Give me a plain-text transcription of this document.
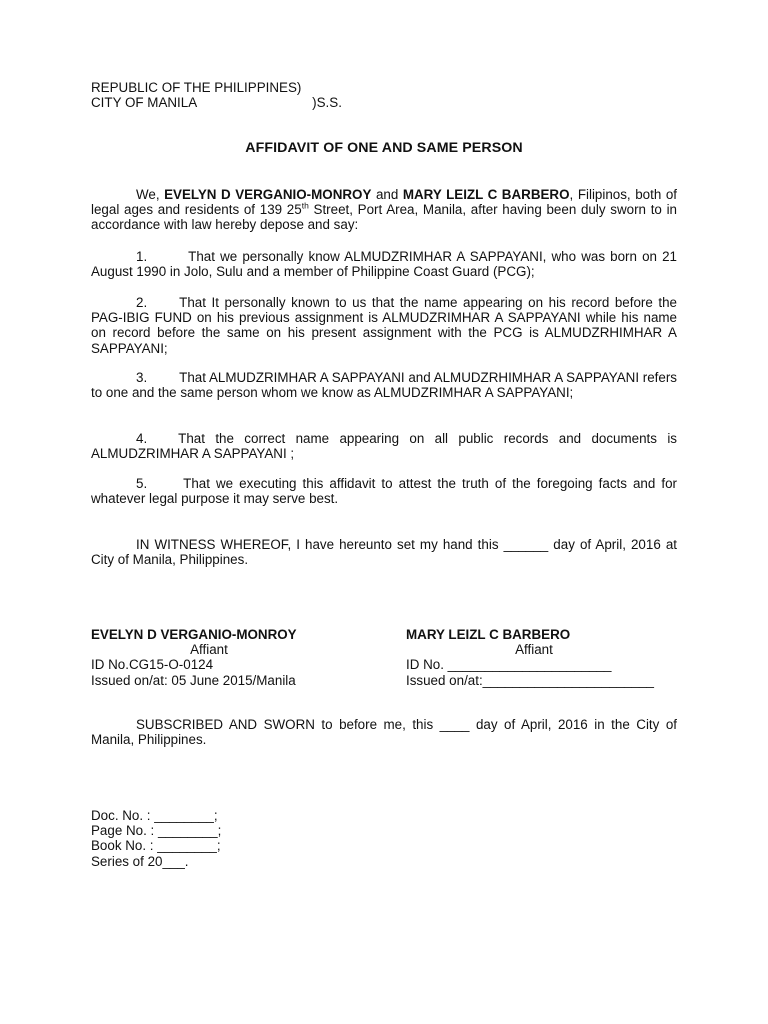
REPUBLIC OF THE PHILIPPINES)
CITY OF MANILA	)S.S.
AFFIDAVIT OF ONE AND SAME PERSON
We, EVELYN D VERGANIO-MONROY and MARY LEIZL C BARBERO, Filipinos, both of legal ages and residents of 139 25th Street, Port Area, Manila, after having been duly sworn to in accordance with law hereby depose and say:
1.	That we personally know ALMUDZRIMHAR A SAPPAYANI, who was born on 21 August 1990 in Jolo, Sulu and a member of Philippine Coast Guard (PCG);
2. That It personally known to us that the name appearing on his record before the PAG-IBIG FUND on his previous assignment is ALMUDZRIMHAR A SAPPAYANI while his name on record before the same on his present assignment with the PCG is ALMUDZRHIMHAR A SAPPAYANI;
3. That ALMUDZRIMHAR A SAPPAYANI and ALMUDZRHIMHAR A SAPPAYANI refers to one and the same person whom we know as ALMUDZRIMHAR A SAPPAYANI;
4. That the correct name appearing on all public records and documents is ALMUDZRIMHAR A SAPPAYANI ;
5.	That we executing this affidavit to attest the truth of the foregoing facts and for whatever legal purpose it may serve best.
IN WITNESS WHEREOF, I have hereunto set my hand this ______ day of April, 2016 at City of Manila, Philippines.
EVELYN D VERGANIO-MONROY
Affiant
ID No.CG15-O-0124
Issued on/at: 05 June 2015/Manila
MARY LEIZL C BARBERO
Affiant
ID No. ______________________
Issued on/at:_______________________
SUBSCRIBED AND SWORN to before me, this ____ day of April, 2016 in the City of Manila, Philippines.
Doc. No. : ________;
Page No. : ________;
Book No. : ________;
Series of 20___.
